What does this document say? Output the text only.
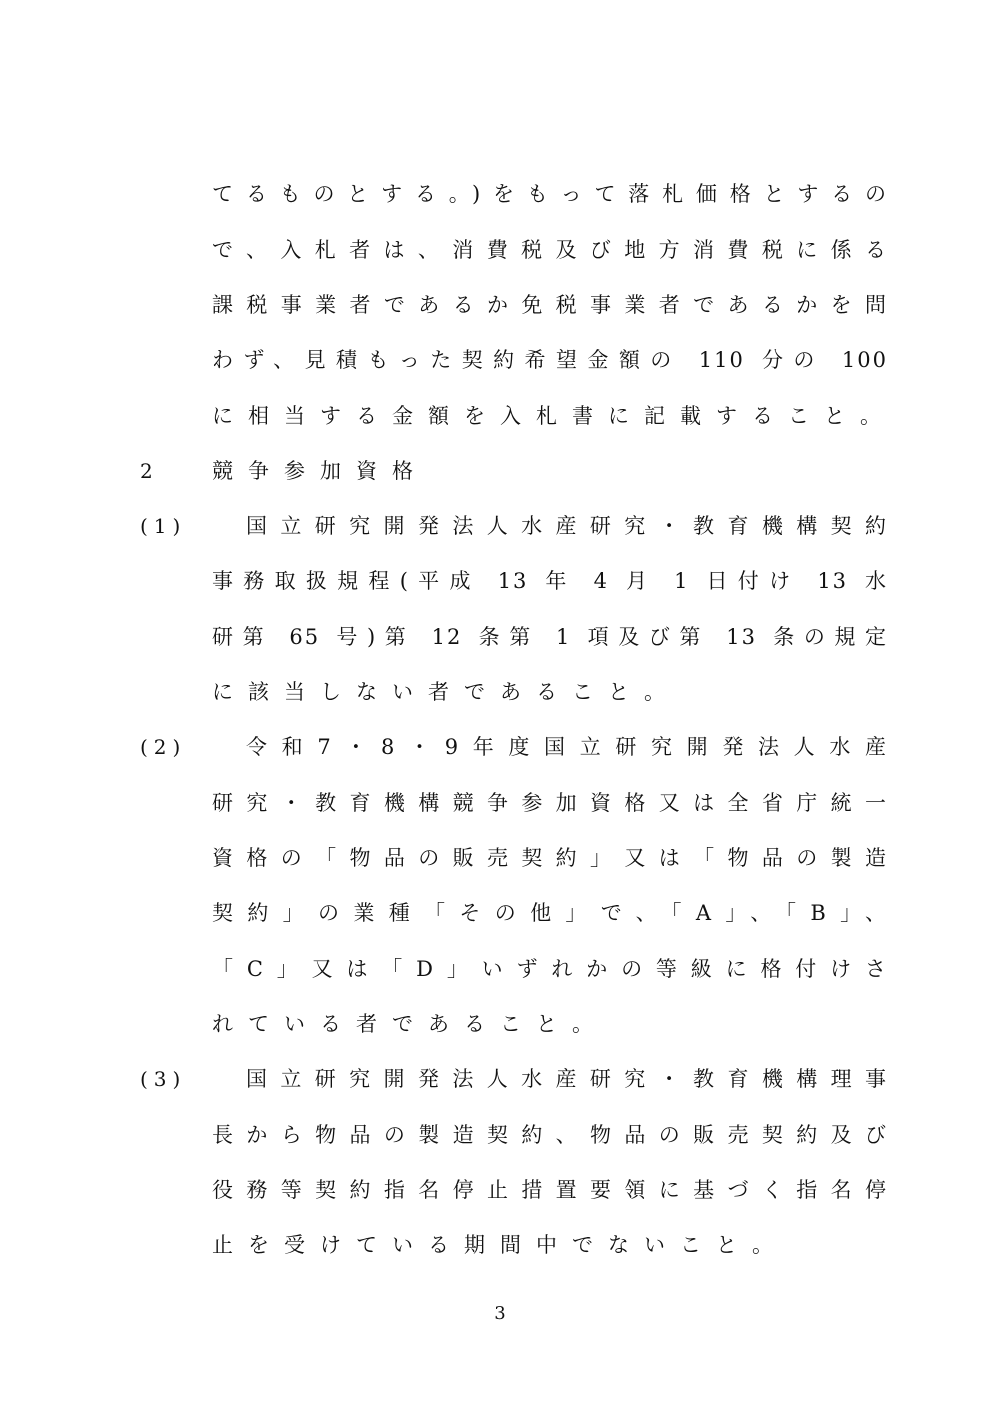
てるものとする。)をもって落札価格とするの
で、入札者は、消費税及び地方消費税に係る
課税事業者であるか免税事業者であるかを問
わず、見積もった契約希望金額の 110 分の 100
に相当する金額を入札書に記載すること。
2	競争参加資格
(1)	国立研究開発法人水産研究・教育機構契約
事務取扱規程(平成 13 年 4 月 1 日付け 13 水
研第 65 号)第 12 条第 1 項及び第 13 条の規定
に該当しない者であること。
(2)	令和7・8・9年度国立研究開発法人水産
研究・教育機構競争参加資格又は全省庁統一
資格の「物品の販売契約」又は「物品の製造
契約」の業種「その他」で、「A」、「B」、
「C」又は「D」いずれかの等級に格付けさ
れている者であること。
(3)	国立研究開発法人水産研究・教育機構理事
長から物品の製造契約、物品の販売契約及び
役務等契約指名停止措置要領に基づく指名停
止を受けている期間中でないこと。
3
